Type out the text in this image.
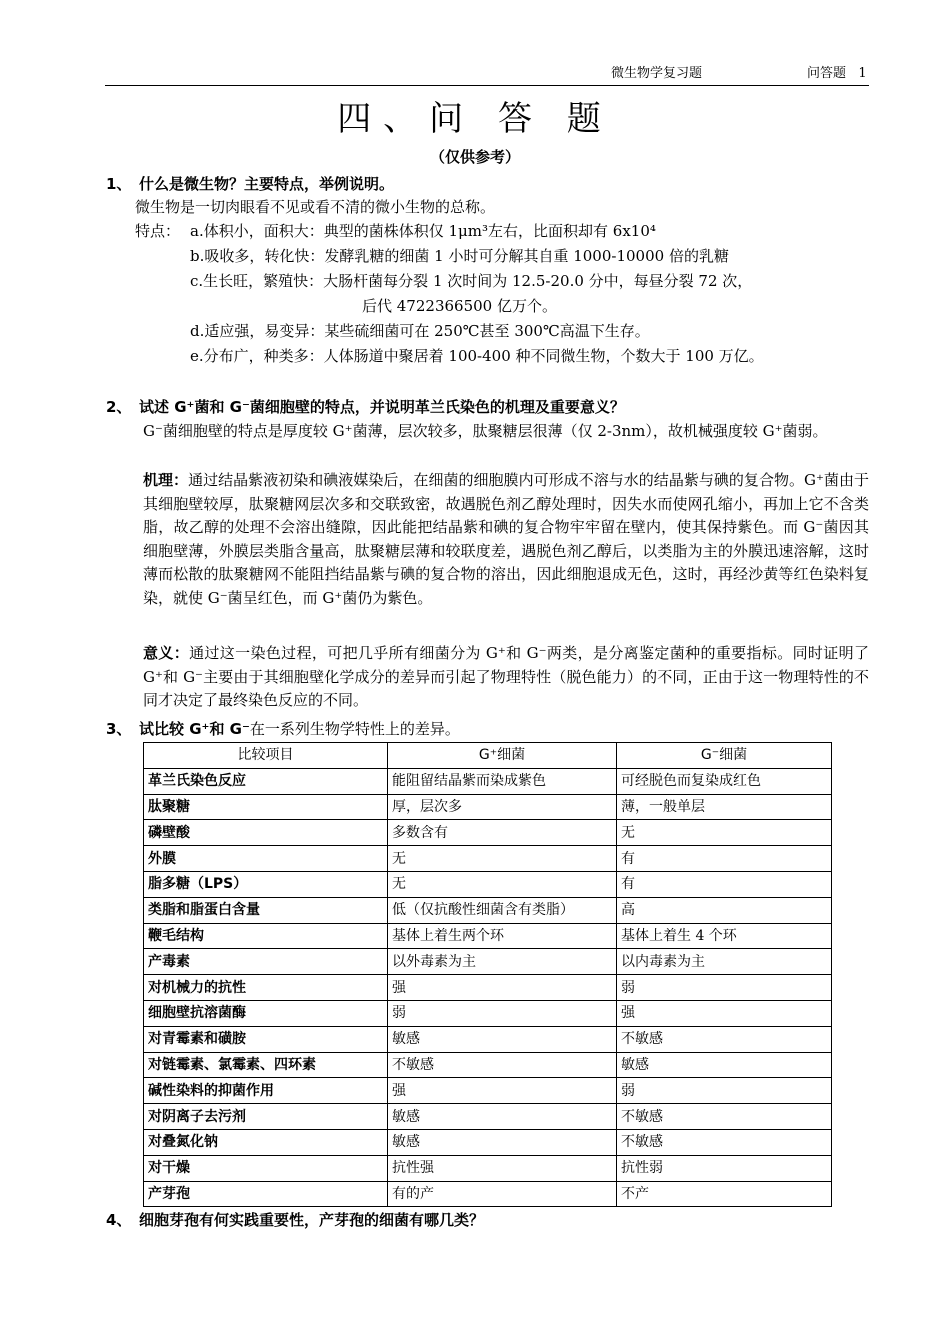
微生物学复习题	问答题 1
四、问 答 题
（仅供参考）
1、 什么是微生物？主要特点，举例说明。
微生物是一切肉眼看不见或看不清的微小生物的总称。
特点： a.体积小，面积大：典型的菌株体积仅 1μm³左右，比面积却有 6x10⁴
b.吸收多，转化快：发酵乳糖的细菌 1 小时可分解其自重 1000-10000 倍的乳糖
c.生长旺，繁殖快：大肠杆菌每分裂 1 次时间为 12.5-20.0 分中，每昼分裂 72 次，
后代 4722366500 亿万个。
d.适应强，易变异：某些硫细菌可在 250℃甚至 300℃高温下生存。
e.分布广，种类多：人体肠道中聚居着 100-400 种不同微生物，个数大于 100 万亿。
2、 试述 G⁺菌和 G⁻菌细胞壁的特点，并说明革兰氏染色的机理及重要意义？
G⁻菌细胞壁的特点是厚度较 G⁺菌薄，层次较多，肽聚糖层很薄（仅 2-3nm），故机械强度较 G⁺菌弱。
机理：通过结晶紫液初染和碘液媒染后，在细菌的细胞膜内可形成不溶与水的结晶紫与碘的复合物。G⁺菌由于其细胞壁较厚，肽聚糖网层次多和交联致密，故遇脱色剂乙醇处理时，因失水而使网孔缩小，再加上它不含类脂，故乙醇的处理不会溶出缝隙，因此能把结晶紫和碘的复合物牢牢留在壁内，使其保持紫色。而 G⁻菌因其细胞壁薄，外膜层类脂含量高，肽聚糖层薄和较联度差，遇脱色剂乙醇后，以类脂为主的外膜迅速溶解，这时薄而松散的肽聚糖网不能阻挡结晶紫与碘的复合物的溶出，因此细胞退成无色，这时，再经沙黄等红色染料复染，就使 G⁻菌呈红色，而 G⁺菌仍为紫色。
意义：通过这一染色过程，可把几乎所有细菌分为 G⁺和 G⁻两类，是分离鉴定菌种的重要指标。同时证明了 G⁺和 G⁻主要由于其细胞壁化学成分的差异而引起了物理特性（脱色能力）的不同，正由于这一物理特性的不同才决定了最终染色反应的不同。
3、 试比较 G⁺和 G⁻在一系列生物学特性上的差异。
比较项目	G⁺细菌	G⁻细菌
革兰氏染色反应	能阻留结晶紫而染成紫色	可经脱色而复染成红色
肽聚糖	厚，层次多	薄，一般单层
磷壁酸	多数含有	无
外膜	无	有
脂多糖（LPS）	无	有
类脂和脂蛋白含量	低（仅抗酸性细菌含有类脂）	高
鞭毛结构	基体上着生两个环	基体上着生 4 个环
产毒素	以外毒素为主	以内毒素为主
对机械力的抗性	强	弱
细胞壁抗溶菌酶	弱	强
对青霉素和磺胺	敏感	不敏感
对链霉素、氯霉素、四环素	不敏感	敏感
碱性染料的抑菌作用	强	弱
对阴离子去污剂	敏感	不敏感
对叠氮化钠	敏感	不敏感
对干燥	抗性强	抗性弱
产芽孢	有的产	不产
4、 细胞芽孢有何实践重要性，产芽孢的细菌有哪几类？
